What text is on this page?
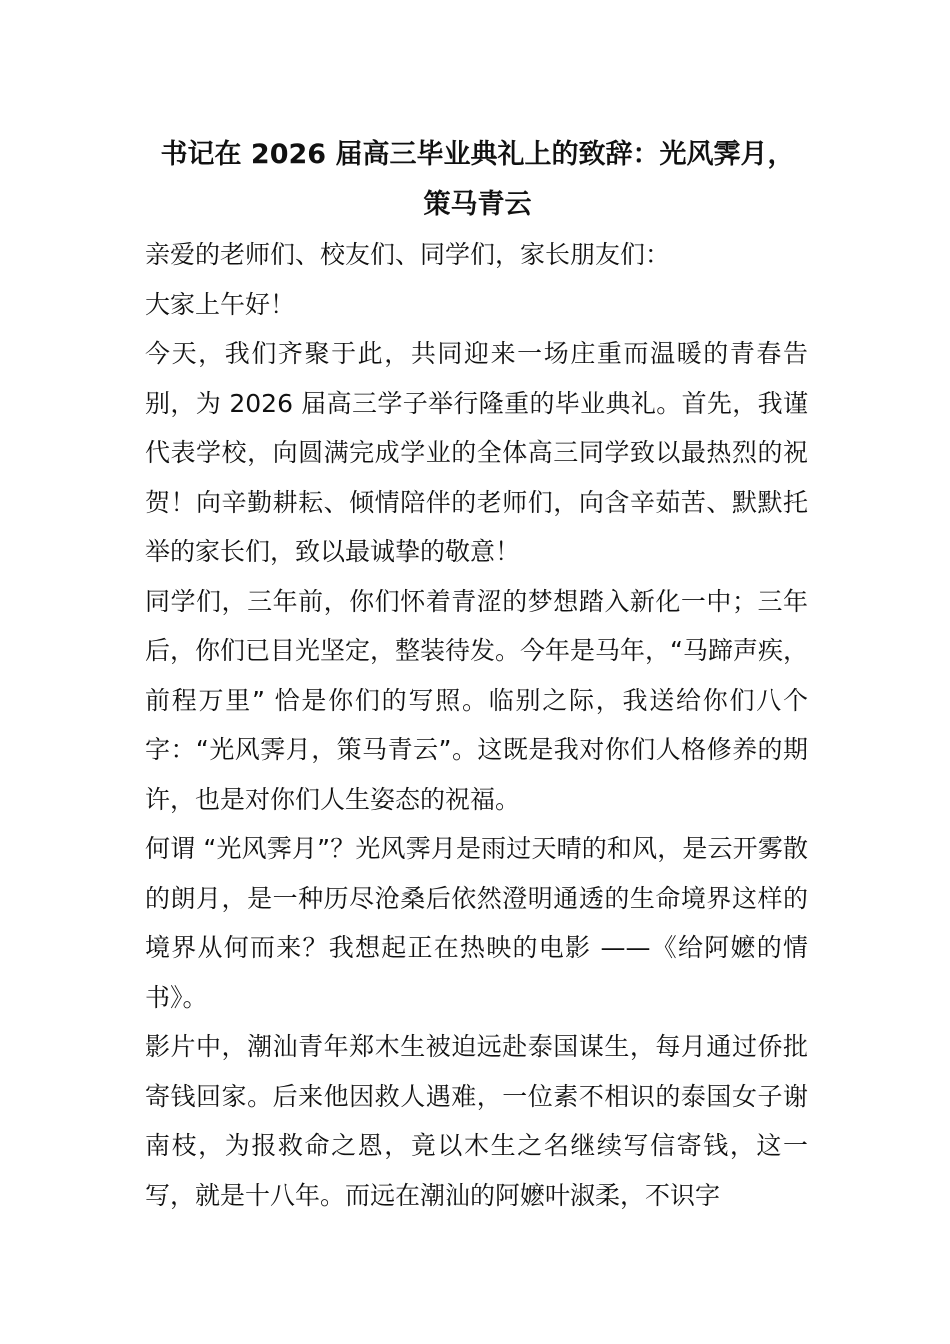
书记在 2026 届高三毕业典礼上的致辞：光风霁月，
策马青云

亲爱的老师们、校友们、同学们，家长朋友们：

大家上午好！

今天，我们齐聚于此，共同迎来一场庄重而温暖的青春告别，为 2026 届高三学子举行隆重的毕业典礼。首先，我谨代表学校，向圆满完成学业的全体高三同学致以最热烈的祝贺！向辛勤耕耘、倾情陪伴的老师们，向含辛茹苦、默默托举的家长们，致以最诚挚的敬意！

同学们，三年前，你们怀着青涩的梦想踏入新化一中；三年后，你们已目光坚定，整装待发。今年是马年，“马蹄声疾，前程万里” 恰是你们的写照。临别之际，我送给你们八个字：“光风霁月，策马青云”。这既是我对你们人格修养的期许，也是对你们人生姿态的祝福。

何谓 “光风霁月”？光风霁月是雨过天晴的和风，是云开雾散的朗月，是一种历尽沧桑后依然澄明通透的生命境界这样的境界从何而来？我想起正在热映的电影 ——《给阿嬷的情书》。

影片中，潮汕青年郑木生被迫远赴泰国谋生，每月通过侨批寄钱回家。后来他因救人遇难，一位素不相识的泰国女子谢南枝，为报救命之恩，竟以木生之名继续写信寄钱，这一写，就是十八年。而远在潮汕的阿嬷叶淑柔，不识字
